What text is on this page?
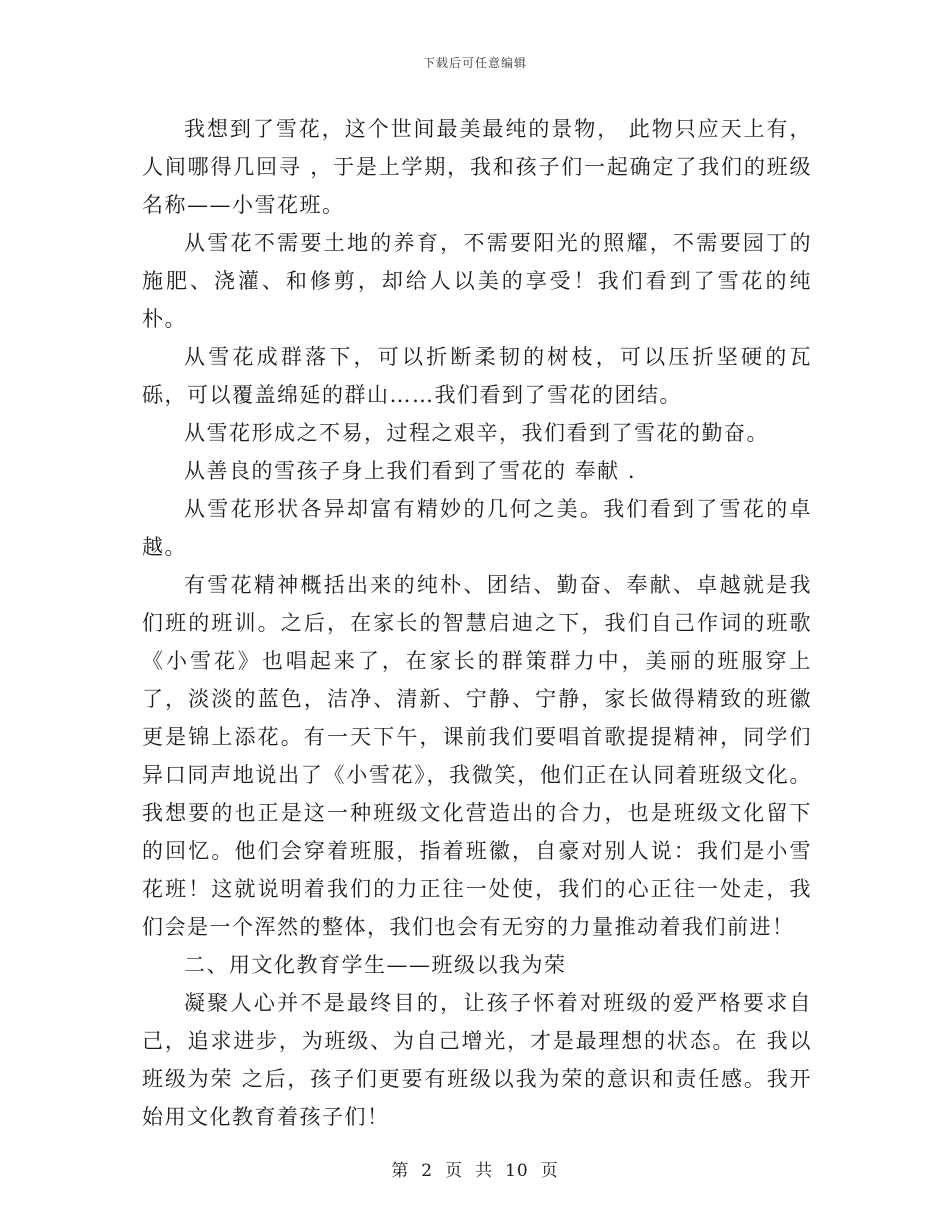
下载后可任意编辑

我想到了雪花，这个世间最美最纯的景物， 此物只应天上有，人间哪得几回寻 ，于是上学期，我和孩子们一起确定了我们的班级名称——小雪花班。

从雪花不需要土地的养育，不需要阳光的照耀，不需要园丁的施肥、浇灌、和修剪，却给人以美的享受！我们看到了雪花的纯朴。

从雪花成群落下，可以折断柔韧的树枝，可以压折坚硬的瓦砾，可以覆盖绵延的群山……我们看到了雪花的团结。

从雪花形成之不易，过程之艰辛，我们看到了雪花的勤奋。

从善良的雪孩子身上我们看到了雪花的 奉献 .

从雪花形状各异却富有精妙的几何之美。我们看到了雪花的卓越。

有雪花精神概括出来的纯朴、团结、勤奋、奉献、卓越就是我们班的班训。之后，在家长的智慧启迪之下，我们自己作词的班歌《小雪花》也唱起来了，在家长的群策群力中，美丽的班服穿上了，淡淡的蓝色，洁净、清新、宁静、宁静，家长做得精致的班徽更是锦上添花。有一天下午，课前我们要唱首歌提提精神，同学们异口同声地说出了《小雪花》，我微笑，他们正在认同着班级文化。我想要的也正是这一种班级文化营造出的合力，也是班级文化留下的回忆。他们会穿着班服，指着班徽，自豪对别人说：我们是小雪花班！这就说明着我们的力正往一处使，我们的心正往一处走，我们会是一个浑然的整体，我们也会有无穷的力量推动着我们前进！

二、用文化教育学生——班级以我为荣

凝聚人心并不是最终目的，让孩子怀着对班级的爱严格要求自己，追求进步，为班级、为自己增光，才是最理想的状态。在 我以班级为荣 之后，孩子们更要有班级以我为荣的意识和责任感。我开始用文化教育着孩子们！

第 2 页 共 10 页
